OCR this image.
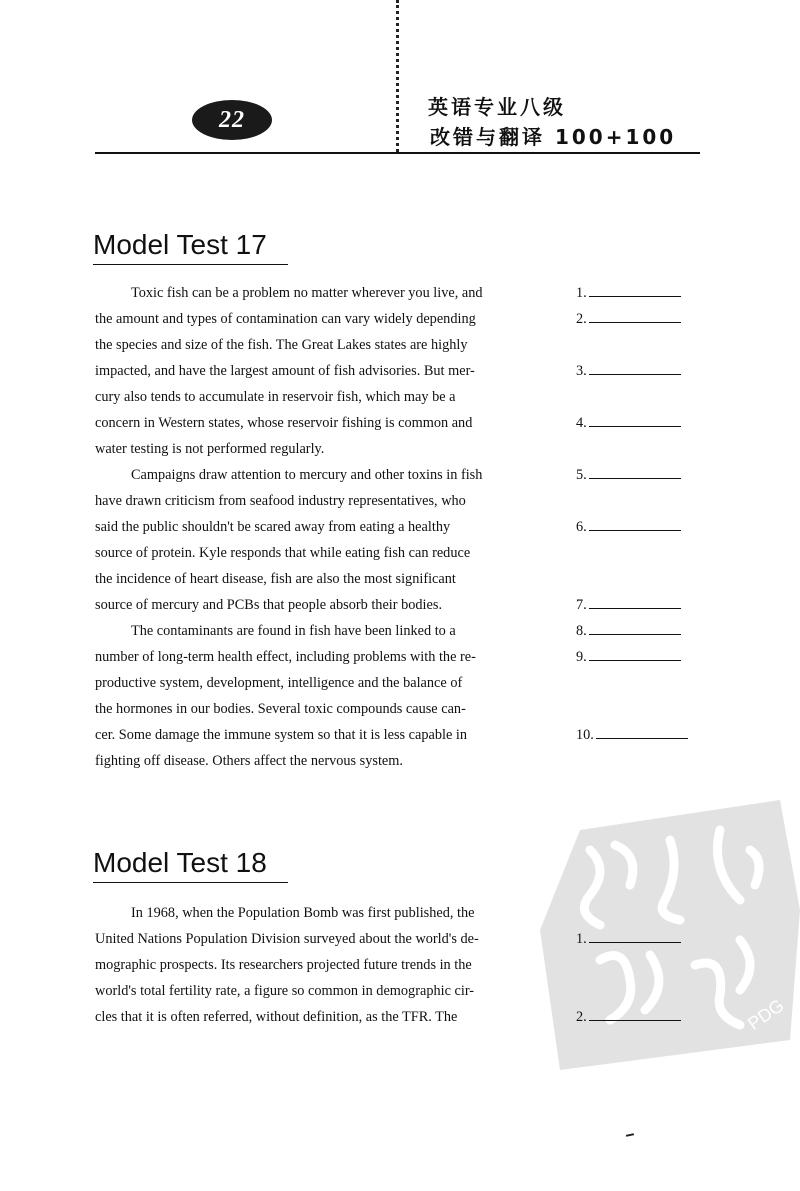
22	英语专业八级

改错与翻译 100+100
Model Test 17
Toxic fish can be a problem no matter wherever you live, and
the amount and types of contamination can vary widely depending
the species and size of the fish. The Great Lakes states are highly
impacted, and have the largest amount of fish advisories. But mer-
cury also tends to accumulate in reservoir fish, which may be a
concern in Western states, whose reservoir fishing is common and
water testing is not performed regularly.
Campaigns draw attention to mercury and other toxins in fish
have drawn criticism from seafood industry representatives, who
said the public shouldn't be scared away from eating a healthy
source of protein. Kyle responds that while eating fish can reduce
the incidence of heart disease, fish are also the most significant
source of mercury and PCBs that people absorb their bodies.
The contaminants are found in fish have been linked to a
number of long-term health effect, including problems with the re-
productive system, development, intelligence and the balance of
the hormones in our bodies. Several toxic compounds cause can-
cer. Some damage the immune system so that it is less capable in
fighting off disease. Others affect the nervous system.
1.
2.
3.
4.
5.
6.
7.
8.
9.
10.
PDG
Model Test 18
In 1968, when the Population Bomb was first published, the
United Nations Population Division surveyed about the world's de-
mographic prospects. Its researchers projected future trends in the
world's total fertility rate, a figure so common in demographic cir-
cles that it is often referred, without definition, as the TFR. The
1.
2.
